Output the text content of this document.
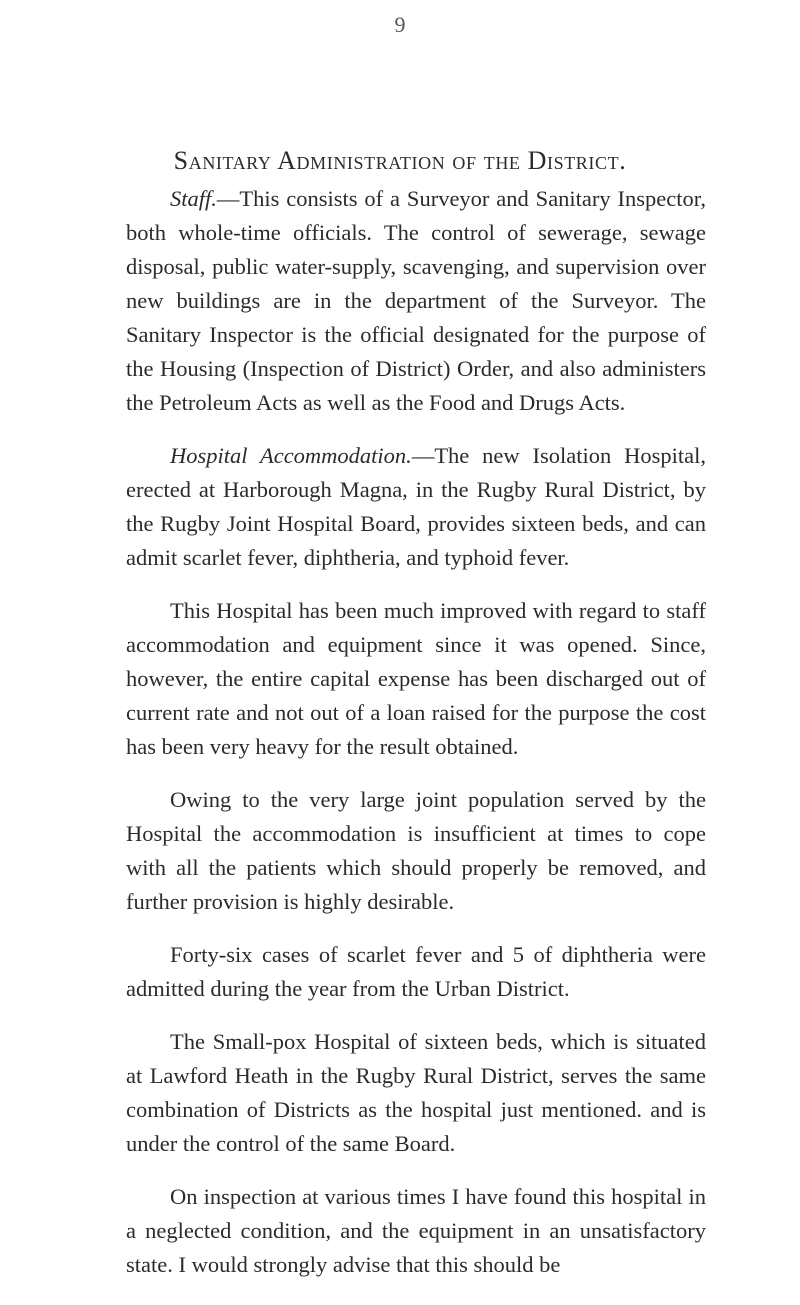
9
Sanitary Administration of the District.

Staff.—This consists of a Surveyor and Sanitary Inspector, both whole-time officials. The control of sewerage, sewage disposal, public water-supply, scavenging, and supervision over new buildings are in the department of the Surveyor. The Sanitary Inspector is the official designated for the purpose of the Housing (Inspection of District) Order, and also administers the Petroleum Acts as well as the Food and Drugs Acts.

Hospital Accommodation.—The new Isolation Hospital, erected at Harborough Magna, in the Rugby Rural District, by the Rugby Joint Hospital Board, provides sixteen beds, and can admit scarlet fever, diphtheria, and typhoid fever.

This Hospital has been much improved with regard to staff accommodation and equipment since it was opened. Since, however, the entire capital expense has been discharged out of current rate and not out of a loan raised for the purpose the cost has been very heavy for the result obtained.

Owing to the very large joint population served by the Hospital the accommodation is insufficient at times to cope with all the patients which should properly be removed, and further provision is highly desirable.

Forty-six cases of scarlet fever and 5 of diphtheria were admitted during the year from the Urban District.

The Small-pox Hospital of sixteen beds, which is situated at Lawford Heath in the Rugby Rural District, serves the same combination of Districts as the hospital just mentioned. and is under the control of the same Board.

On inspection at various times I have found this hospital in a neglected condition, and the equipment in an unsatisfactory state. I would strongly advise that this should be
